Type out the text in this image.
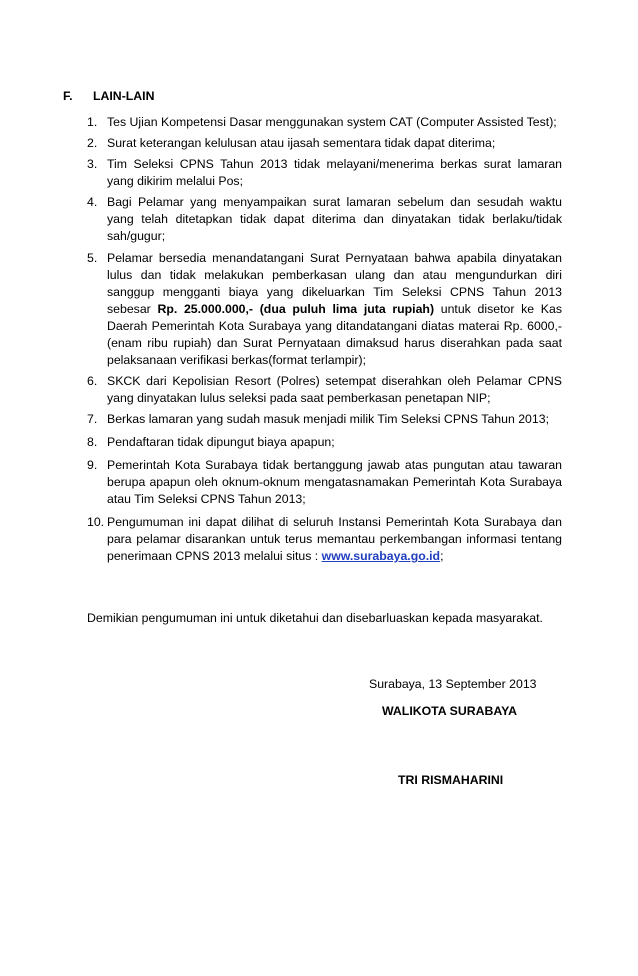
F. LAIN-LAIN
1. Tes Ujian Kompetensi Dasar menggunakan system CAT (Computer Assisted Test);
2. Surat keterangan kelulusan atau ijasah sementara tidak dapat diterima;
3. Tim Seleksi CPNS Tahun 2013 tidak melayani/menerima berkas surat lamaran yang dikirim melalui Pos;
4. Bagi Pelamar yang menyampaikan surat lamaran sebelum dan sesudah waktu yang telah ditetapkan tidak dapat diterima dan dinyatakan tidak berlaku/tidak sah/gugur;
5. Pelamar bersedia menandatangani Surat Pernyataan bahwa apabila dinyatakan lulus dan tidak melakukan pemberkasan ulang dan atau mengundurkan diri sanggup mengganti biaya yang dikeluarkan Tim Seleksi CPNS Tahun 2013 sebesar Rp. 25.000.000,- (dua puluh lima juta rupiah) untuk disetor ke Kas Daerah Pemerintah Kota Surabaya yang ditandatangani diatas materai Rp. 6000,- (enam ribu rupiah) dan Surat Pernyataan dimaksud harus diserahkan pada saat pelaksanaan verifikasi berkas(format terlampir);
6. SKCK dari Kepolisian Resort (Polres) setempat diserahkan oleh Pelamar CPNS yang dinyatakan lulus seleksi pada saat pemberkasan penetapan NIP;
7. Berkas lamaran yang sudah masuk menjadi milik Tim Seleksi CPNS Tahun 2013;
8. Pendaftaran tidak dipungut biaya apapun;
9. Pemerintah Kota Surabaya tidak bertanggung jawab atas pungutan atau tawaran berupa apapun oleh oknum-oknum mengatasnamakan Pemerintah Kota Surabaya atau Tim Seleksi CPNS Tahun 2013;
10. Pengumuman ini dapat dilihat di seluruh Instansi Pemerintah Kota Surabaya dan para pelamar disarankan untuk terus memantau perkembangan informasi tentang penerimaan CPNS 2013 melalui situs : www.surabaya.go.id;
Demikian pengumuman ini untuk diketahui dan disebarluaskan kepada masyarakat.
Surabaya, 13 September 2013
WALIKOTA SURABAYA
TRI RISMAHARINI
